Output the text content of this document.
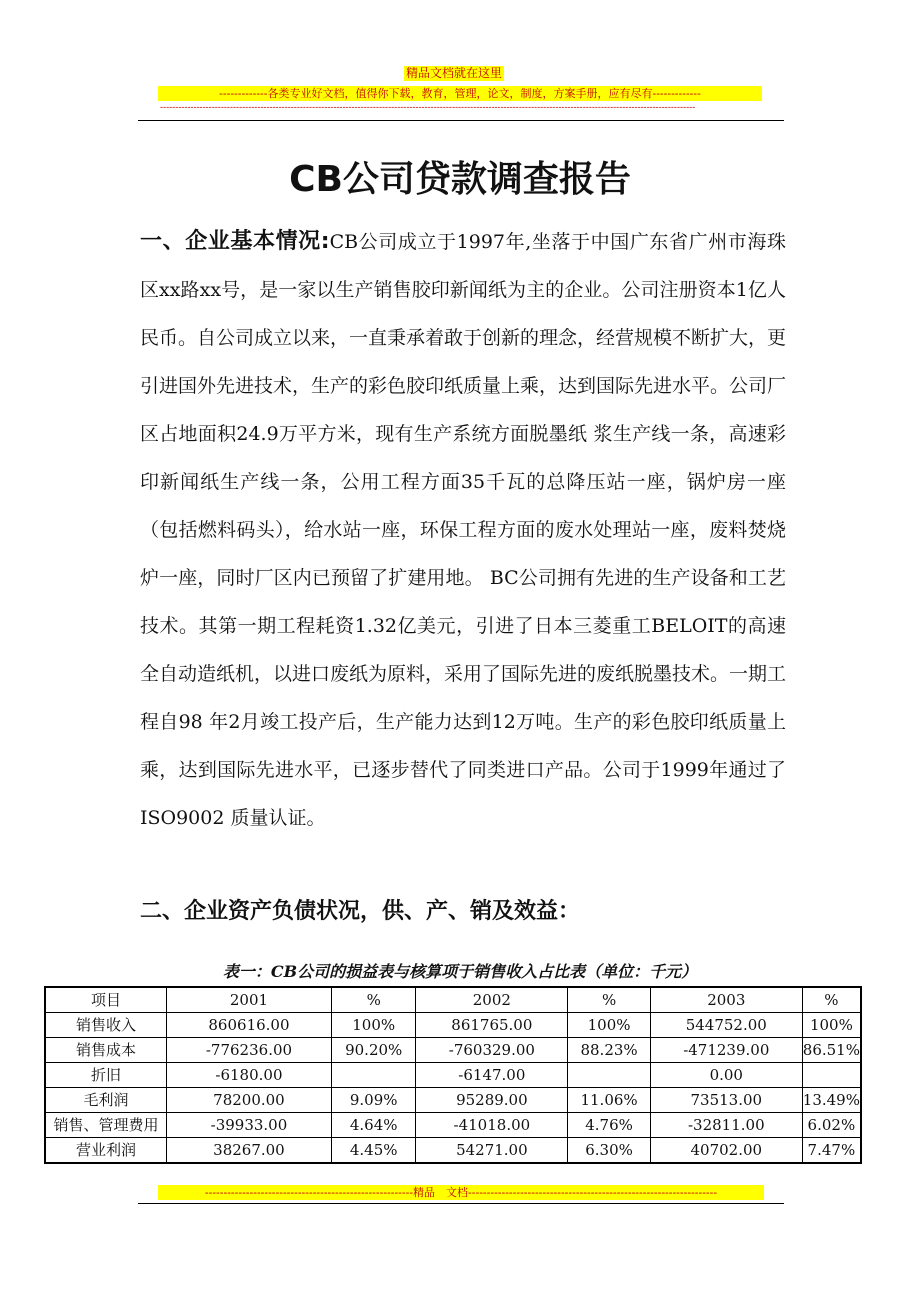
精品文档就在这里
-------------各类专业好文档，值得你下载，教育，管理，论文，制度，方案手册，应有尽有-------------
--------------------------------------------------------------------------------------------------------------------------------------------------------------------------------
CB公司贷款调查报告
一、企业基本情况:CB公司成立于1997年,坐落于中国广东省广州市海珠区xx路xx号，是一家以生产销售胶印新闻纸为主的企业。公司注册资本1亿人民币。自公司成立以来，一直秉承着敢于创新的理念，经营规模不断扩大，更引进国外先进技术，生产的彩色胶印纸质量上乘，达到国际先进水平。公司厂区占地面积24.9万平方米，现有生产系统方面脱墨纸 浆生产线一条，高速彩印新闻纸生产线一条，公用工程方面35千瓦的总降压站一座，锅炉房一座（包括燃料码头），给水站一座，环保工程方面的废水处理站一座，废料焚烧炉一座，同时厂区内已预留了扩建用地。 BC公司拥有先进的生产设备和工艺技术。其第一期工程耗资1.32亿美元，引进了日本三菱重工BELOIT的高速全自动造纸机，以进口废纸为原料，采用了国际先进的废纸脱墨技术。一期工程自98 年2月竣工投产后，生产能力达到12万吨。生产的彩色胶印纸质量上乘，达到国际先进水平，已逐步替代了同类进口产品。公司于1999年通过了ISO9002 质量认证。
二、企业资产负债状况，供、产、销及效益：
表一：CB公司的损益表与核算项于销售收入占比表（单位：千元）
项目	2001	%	2002	%	2003	%
销售收入	860616.00	100%	861765.00	100%	544752.00	100%
销售成本	-776236.00	90.20%	-760329.00	88.23%	-471239.00	86.51%
折旧	-6180.00		-6147.00		0.00	
毛利润	78200.00	9.09%	95289.00	11.06%	73513.00	13.49%
销售、管理费用	-39933.00	4.64%	-41018.00	4.76%	-32811.00	6.02%
营业利润	38267.00	4.45%	54271.00	6.30%	40702.00	7.47%
--------------------------------------------------------精品　文档-------------------------------------------------------------------
